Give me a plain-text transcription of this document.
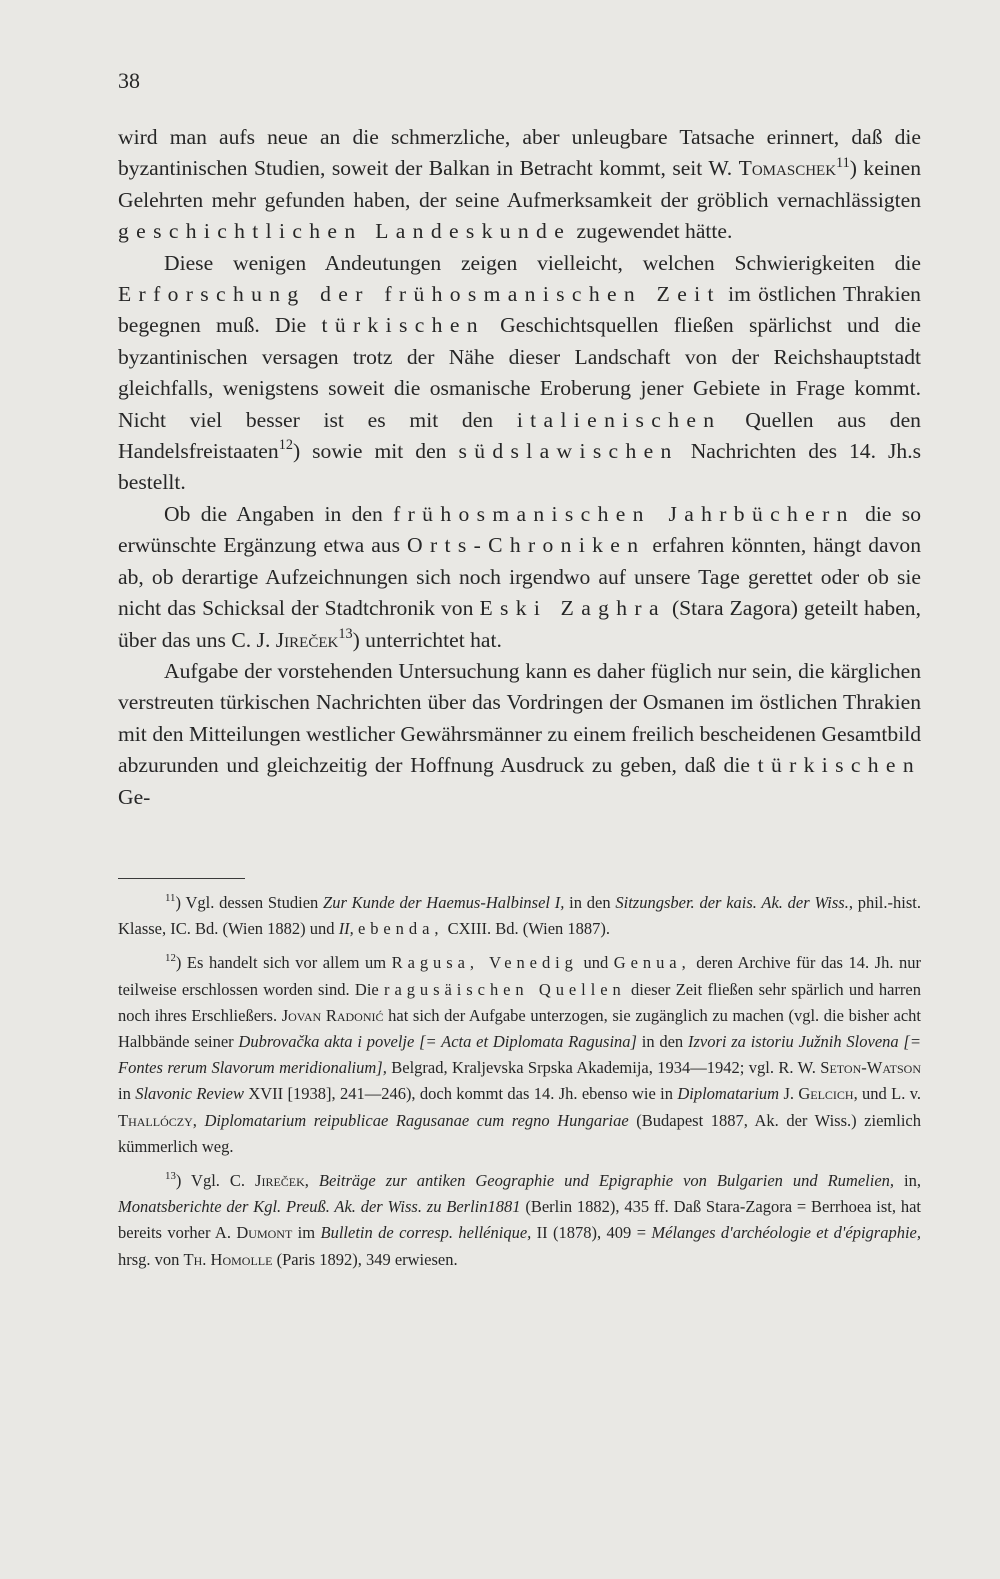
38

wird man aufs neue an die schmerzliche, aber unleugbare Tatsache erinnert, daß die byzantinischen Studien, soweit der Balkan in Betracht kommt, seit W. Tomaschek$^{11}$) keinen Gelehrten mehr gefunden haben, der seine Aufmerksamkeit der gröblich vernachlässigten geschichtlichen Landeskunde zugewendet hätte.

Diese wenigen Andeutungen zeigen vielleicht, welchen Schwierigkeiten die Erforschung der frühosmanischen Zeit im östlichen Thrakien begegnen muß. Die türkischen Geschichtsquellen fließen spärlichst und die byzantinischen versagen trotz der Nähe dieser Landschaft von der Reichshauptstadt gleichfalls, wenigstens soweit die osmanische Eroberung jener Gebiete in Frage kommt. Nicht viel besser ist es mit den italienischen Quellen aus den Handelsfreistaaten$^{12}$) sowie mit den südslawischen Nachrichten des 14. Jh.s bestellt.

Ob die Angaben in den frühosmanischen Jahrbüchern die so erwünschte Ergänzung etwa aus Orts-Chroniken erfahren könnten, hängt davon ab, ob derartige Aufzeichnungen sich noch irgendwo auf unsere Tage gerettet oder ob sie nicht das Schicksal der Stadtchronik von Eski Zaghra (Stara Zagora) geteilt haben, über das uns C. J. Jireček$^{13}$) unterrichtet hat.

Aufgabe der vorstehenden Untersuchung kann es daher füglich nur sein, die kärglichen verstreuten türkischen Nachrichten über das Vordringen der Osmanen im östlichen Thrakien mit den Mitteilungen westlicher Gewährsmänner zu einem freilich bescheidenen Gesamtbild abzurunden und gleichzeitig der Hoffnung Ausdruck zu geben, daß die türkischen Ge-

$^{11}$) Vgl. dessen Studien Zur Kunde der Haemus-Halbinsel I, in den Sitzungsber. der kais. Ak. der Wiss., phil.-hist. Klasse, IC. Bd. (Wien 1882) und II, ebenda, CXIII. Bd. (Wien 1887).

$^{12}$) Es handelt sich vor allem um Ragusa, Venedig und Genua, deren Archive für das 14. Jh. nur teilweise erschlossen worden sind. Die ragusäischen Quellen dieser Zeit fließen sehr spärlich und harren noch ihres Erschließers. Jovan Radonić hat sich der Aufgabe unterzogen, sie zugänglich zu machen (vgl. die bisher acht Halbbände seiner Dubrovačka akta i povelje [= Acta et Diplomata Ragusina] in den Izvori za istoriu Južnih Slovena [= Fontes rerum Slavorum meridionalium], Belgrad, Kraljevska Srpska Akademija, 1934—1942; vgl. R. W. Seton-Watson in Slavonic Review XVII [1938], 241—246), doch kommt das 14. Jh. ebenso wie in Diplomatarium J. Gelcich, und L. v. Thallóczy, Diplomatarium reipublicae Ragusanae cum regno Hungariae (Budapest 1887, Ak. der Wiss.) ziemlich kümmerlich weg.

$^{13}$) Vgl. C. Jireček, Beiträge zur antiken Geographie und Epigraphie von Bulgarien und Rumelien, in, Monatsberichte der Kgl. Preuß. Ak. der Wiss. zu Berlin1881 (Berlin 1882), 435 ff. Daß Stara-Zagora = Berrhoea ist, hat bereits vorher A. Dumont im Bulletin de corresp. hellénique, II (1878), 409 = Mélanges d'archéologie et d'épigraphie, hrsg. von Th. Homolle (Paris 1892), 349 erwiesen.
